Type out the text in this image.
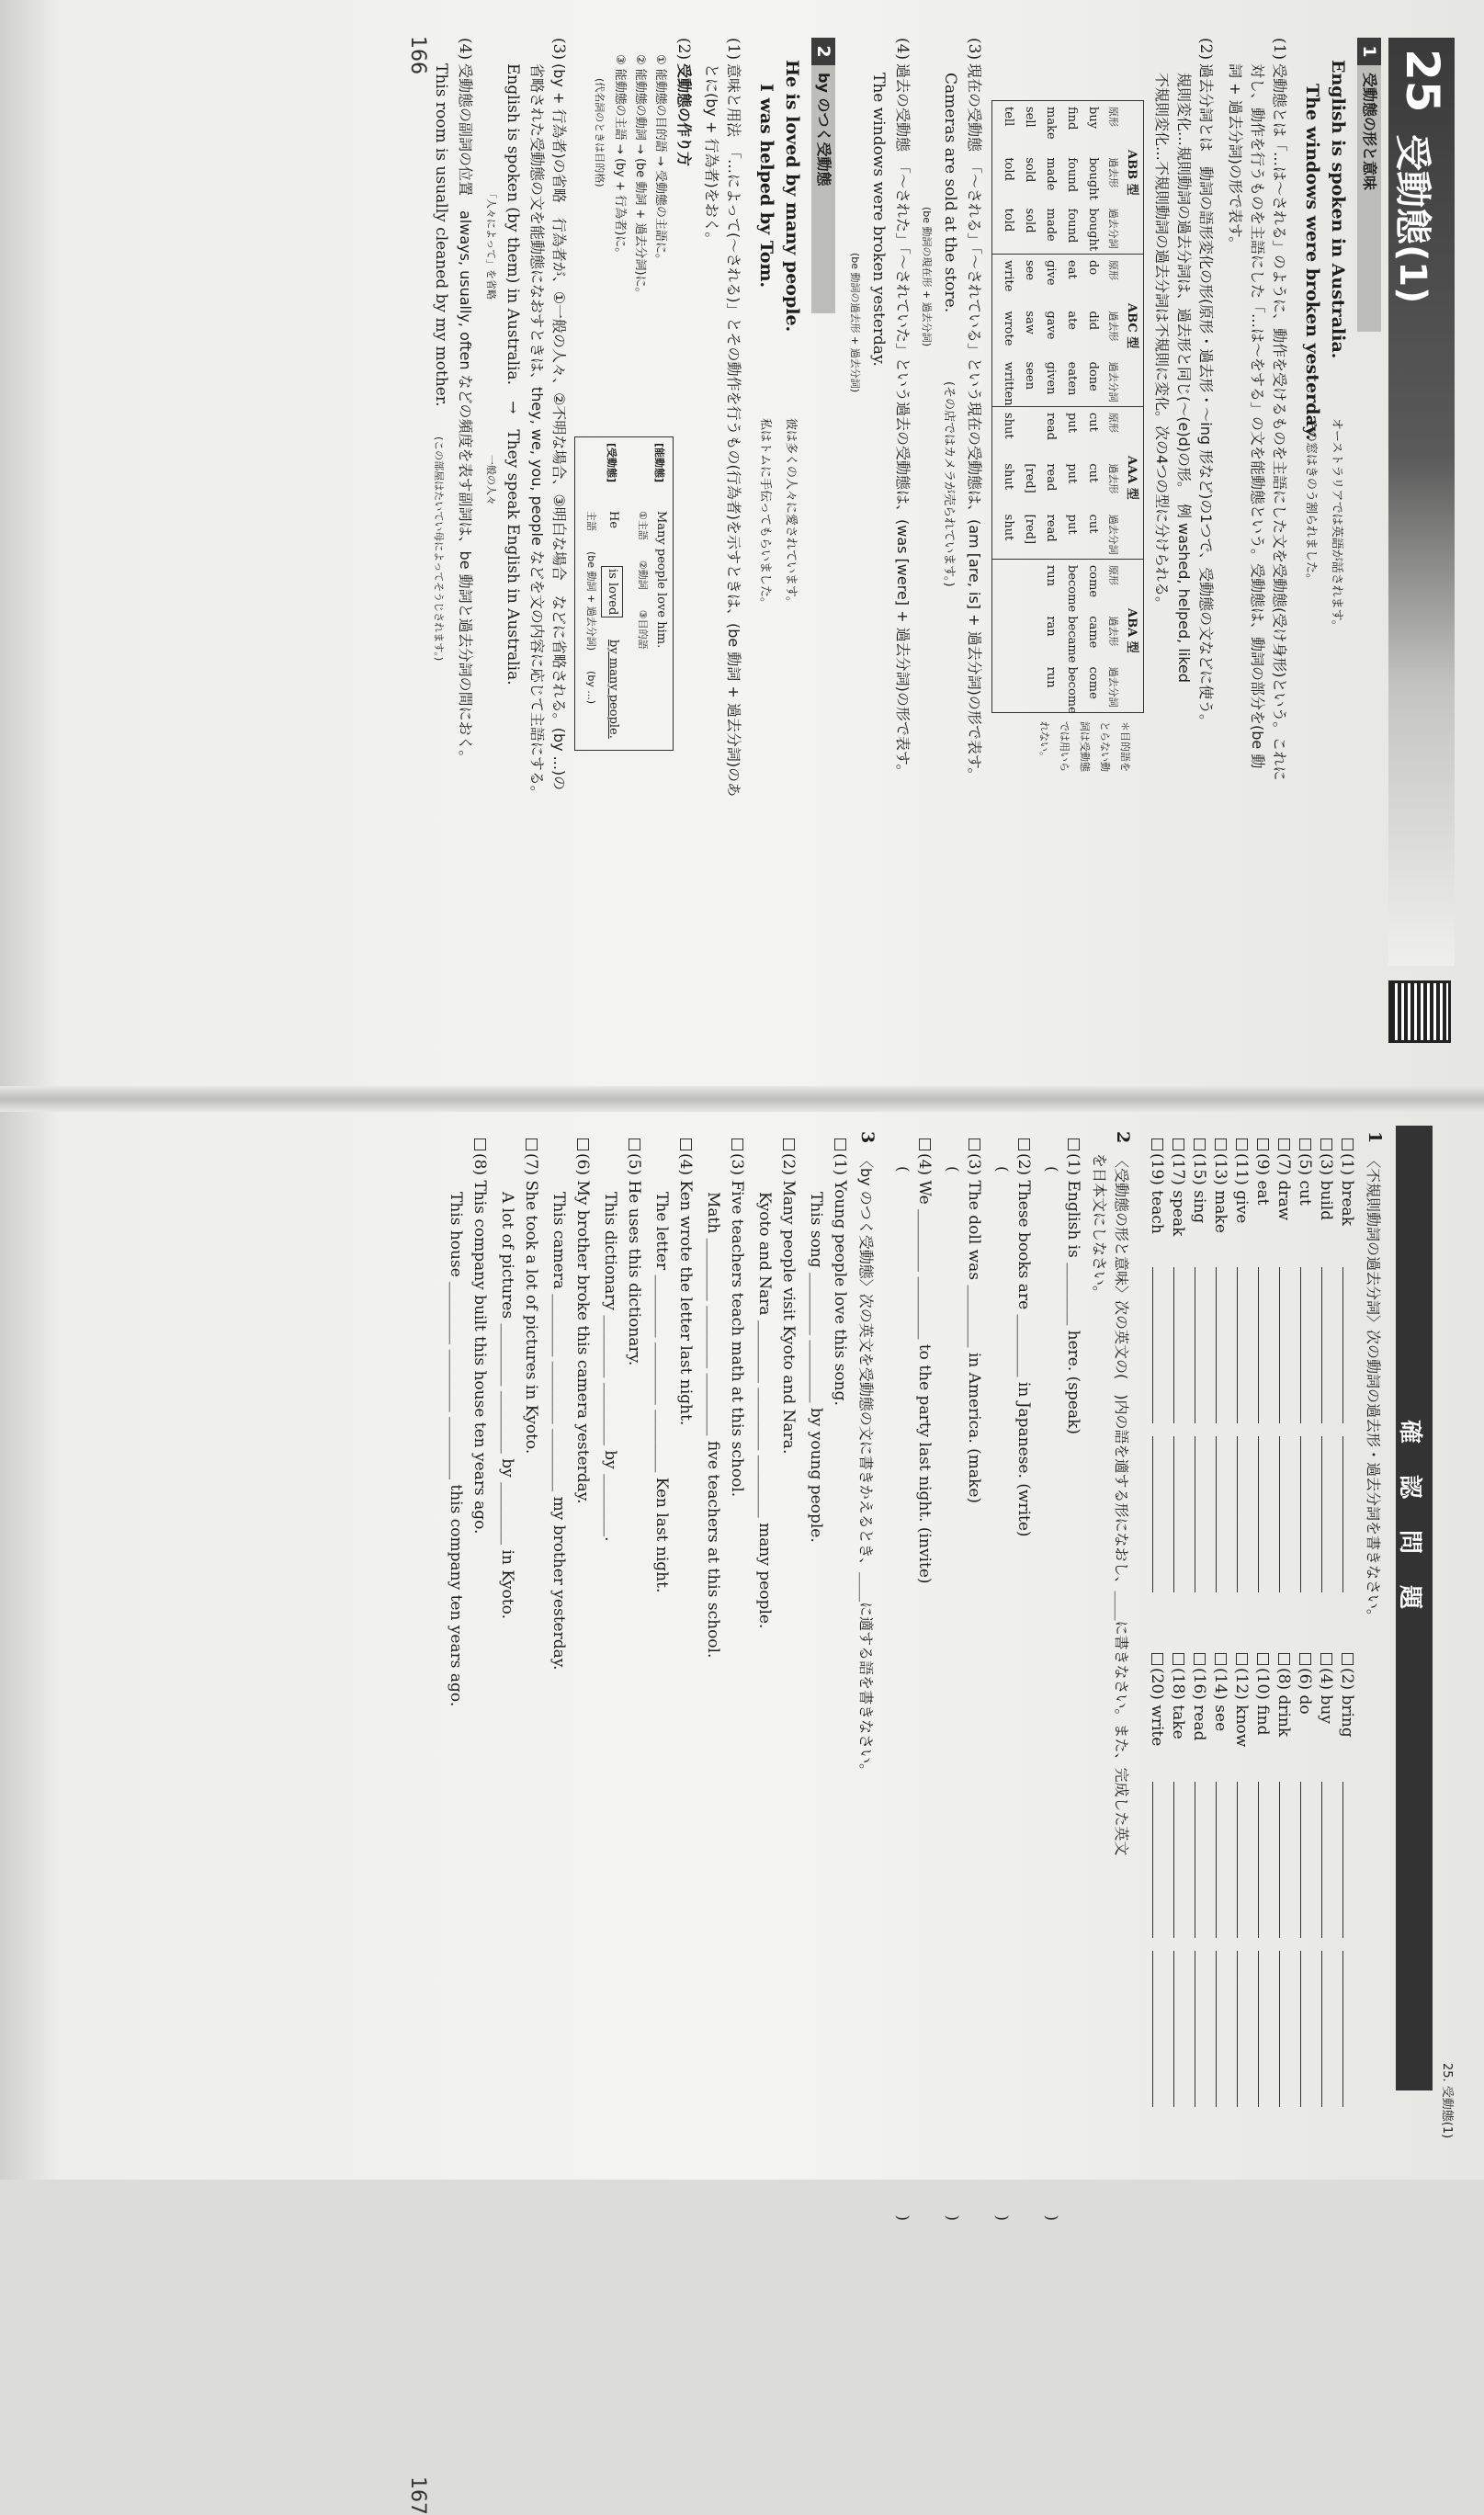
25
受動態(1)
1
受動態の形と意味
English is spoken in Australia.
オーストラリアでは英語が話されます。
The windows were broken yesterday.
その窓はきのう割られました。
(1)
受動態とは「…は～される」のように、動作を受けるものを主語にした文を受動態(受け身形)という。これに
対し、動作を行うものを主語にした「…は～をする」の文を能動態という。受動態は、動詞の部分を(be 動
詞 + 過去分詞)の形で表す。
(2)
過去分詞とは　動詞の語形変化の形(原形・過去形・～ing 形など)の1つで、受動態の文などに使う。
規則変化…規則動詞の過去分詞は、過去形と同じ(～(e)d)の形。　例 washed, helped, liked
不規則変化…不規則動詞の過去分詞は不規則に変化。次の4つの型に分けられる。
ABB 型
原形
過去形
過去分詞
buy
bought
bought
find
found
found
make
made
made
sell
sold
sold
tell
told
told
ABC 型
原形
過去形
過去分詞
do
did
done
eat
ate
eaten
give
gave
given
see
saw
seen
write
wrote
written
AAA 型
原形
過去形
過去分詞
cut
cut
cut
put
put
put
read
read
read
[red]
[red]
shut
shut
shut
ABA 型
原形
過去形
過去分詞
come
came
come
become
became
become
run
ran
run
＊目的語をとらない動詞は受動態では用いられない。
(3)
現在の受動態　「～される」「～されている」という現在の受動態は、(am [are, is] + 過去分詞)の形で表す。
Cameras are sold at the store.
(その店ではカメラが売られています。)
(be 動詞の現在形 + 過去分詞)
(4)
過去の受動態　「～された」「～されていた」という過去の受動態は、(was [were] + 過去分詞)の形で表す。
The windows were broken yesterday.
(be 動詞の過去形 + 過去分詞)
2
by のつく受動態
He is loved by many people.
彼は多くの人々に愛されています。
I was helped by Tom.
私はトムに手伝ってもらいました。
(1)
意味と用法　「…によって(～される)」とその動作を行うもの(行為者)を示すときは、(be 動詞 + 過去分詞)のあ
とに(by + 行為者)をおく。
(2)
受動態の作り方
① 能動態の目的語 → 受動態の主語に。
② 能動態の動詞 → (be 動詞 + 過去分詞)に。
③ 能動態の主語 → (by + 行為者)に。
(代名詞のときは目的格)
[能動態]
Many people love him.
①主語　　②動詞　　③目的語
[受動態]
He
is loved
by many people.
主語　　(be 動詞 + 過去分詞)　　(by ...)
(3)
(by + 行為者)の省略　行為者が、①一般の人々、②不明な場合、③明白な場合　などに省略される。(by ...)の
省略された受動態の文を能動態になおすときは、they, we, you, people などを文の内容に応じて主語にする。
English is spoken (by them) in Australia.　→　They speak English in Australia.
「人々によって」を省略
一般の人々
(4)
受動態の副詞の位置　always, usually, often などの頻度を表す副詞は、be 動詞と過去分詞の間におく。
This room is usually cleaned by my mother.
(この部屋はたいてい母によってそうじされます。)
166
25. 受動態(1)
確認問題
1
〈不規則動詞の過去分詞〉次の動詞の過去形・過去分詞を書きなさい。
(1) break
(2) bring
(3) build
(4) buy
(5) cut
(6) do
(7) draw
(8) drink
(9) eat
(10) find
(11) give
(12) know
(13) make
(14) see
(15) sing
(16) read
(17) speak
(18) take
(19) teach
(20) write
2
〈受動態の形と意味〉次の英文の(　)内の語を適する形になおし、＿＿に書きなさい。また、完成した英文
を日本文にしなさい。
(1) English is ＿＿＿＿ here. (speak)
(                                                                                                                                                                                                                  )
(2) These books are ＿＿＿＿ in Japanese. (write)
(                                                                                                                                                                                                                  )
(3) The doll was ＿＿＿＿ in America. (make)
(                                                                                                                                                                                                                  )
(4) We ＿＿＿＿ ＿＿＿＿ to the party last night. (invite)
(                                                                                                                                                                                                                  )
3
〈by のつく受動態〉次の英文を受動態の文に書きかえるとき、＿＿に適する語を書きなさい。
(1) Young people love this song.
This song ＿＿＿＿ ＿＿＿＿ by young people.
(2) Many people visit Kyoto and Nara.
Kyoto and Nara ＿＿＿＿ ＿＿＿＿ ＿＿＿＿ many people.
(3) Five teachers teach math at this school.
Math ＿＿＿＿ ＿＿＿＿ ＿＿＿＿ five teachers at this school.
(4) Ken wrote the letter last night.
The letter ＿＿＿＿ ＿＿＿＿ ＿＿＿＿ Ken last night.
(5) He uses this dictionary.
This dictionary ＿＿＿＿ ＿＿＿＿ by ＿＿＿＿.
(6) My brother broke this camera yesterday.
This camera ＿＿＿＿ ＿＿＿＿ ＿＿＿＿ my brother yesterday.
(7) She took a lot of pictures in Kyoto.
A lot of pictures ＿＿＿＿ ＿＿＿＿ by ＿＿＿＿ in Kyoto.
(8) This company built this house ten years ago.
This house ＿＿＿＿ ＿＿＿＿ ＿＿＿＿ this company ten years ago.
167
